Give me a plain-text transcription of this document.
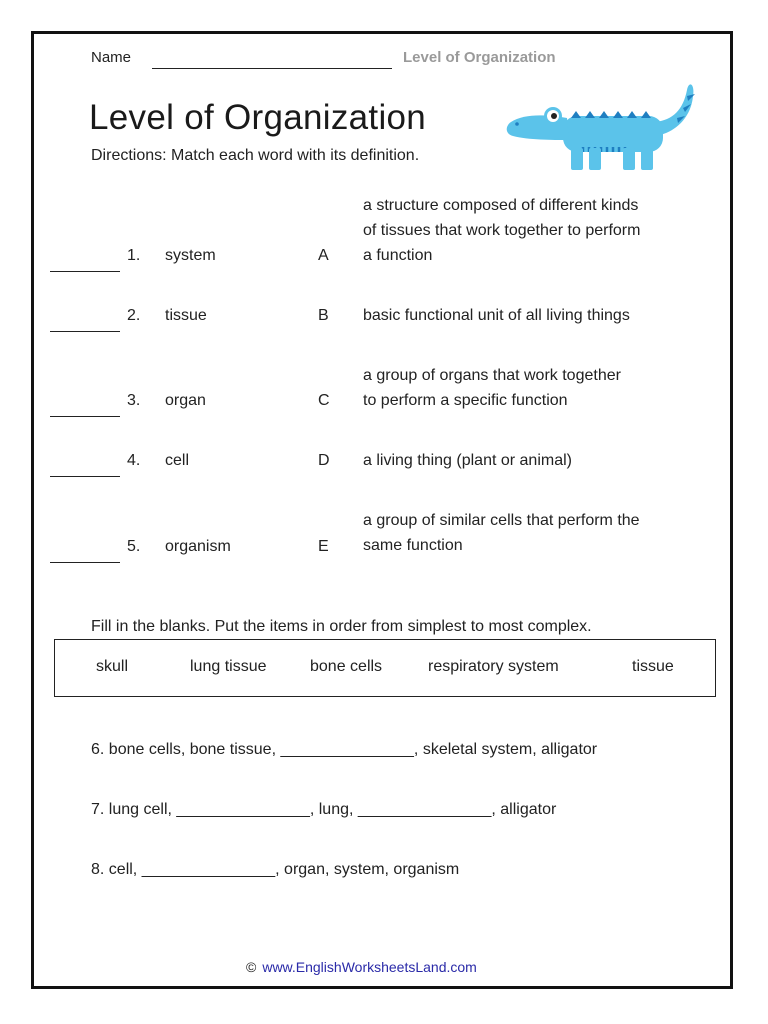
Name	Level of Organization
Level of Organization
Directions: Match each word with its definition.
1. system	A
a structure composed of different kinds
of tissues that work together to perform
a function
2. tissue	B basic functional unit of all living things
3. organ	C
a group of organs that work together
to perform a specific function
4. cell	D a living thing (plant or animal)
5. organism	E
a group of similar cells that perform the
same function
Fill in the blanks. Put the items in order from simplest to most complex.
skull	lung tissue	bone cells	respiratory system	tissue
6. bone cells, bone tissue, _______________, skeletal system, alligator
7. lung cell, _______________, lung, _______________, alligator
8. cell, _______________, organ, system, organism
© www.EnglishWorksheetsLand.com
